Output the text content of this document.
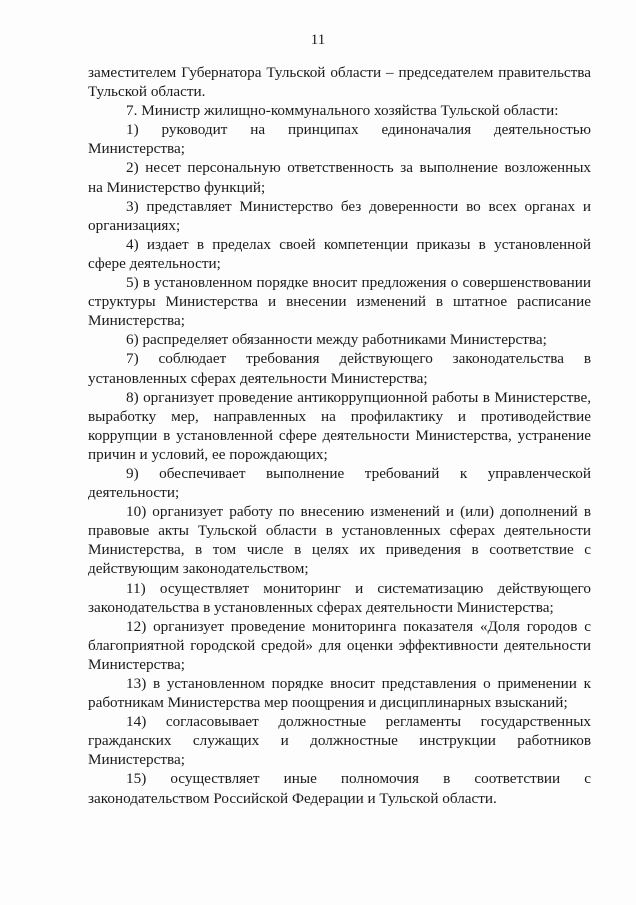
11

заместителем Губернатора Тульской области – председателем правительства Тульской области.

7. Министр жилищно-коммунального хозяйства Тульской области:

1) руководит на принципах единоначалия деятельностью Министерства;

2) несет персональную ответственность за выполнение возложенных на Министерство функций;

3) представляет Министерство без доверенности во всех органах и организациях;

4) издает в пределах своей компетенции приказы в установленной сфере деятельности;

5) в установленном порядке вносит предложения о совершенствовании структуры Министерства и внесении изменений в штатное расписание Министерства;

6) распределяет обязанности между работниками Министерства;

7) соблюдает требования действующего законодательства в установленных сферах деятельности Министерства;

8) организует проведение антикоррупционной работы в Министерстве, выработку мер, направленных на профилактику и противодействие коррупции в установленной сфере деятельности Министерства, устранение причин и условий, ее порождающих;

9) обеспечивает выполнение требований к управленческой деятельности;

10) организует работу по внесению изменений и (или) дополнений в правовые акты Тульской области в установленных сферах деятельности Министерства, в том числе в целях их приведения в соответствие с действующим законодательством;

11) осуществляет мониторинг и систематизацию действующего законодательства в установленных сферах деятельности Министерства;

12) организует проведение мониторинга показателя «Доля городов с благоприятной городской средой» для оценки эффективности деятельности Министерства;

13) в установленном порядке вносит представления о применении к работникам Министерства мер поощрения и дисциплинарных взысканий;

14) согласовывает должностные регламенты государственных гражданских служащих и должностные инструкции работников Министерства;

15) осуществляет иные полномочия в соответствии с законодательством Российской Федерации и Тульской области.
